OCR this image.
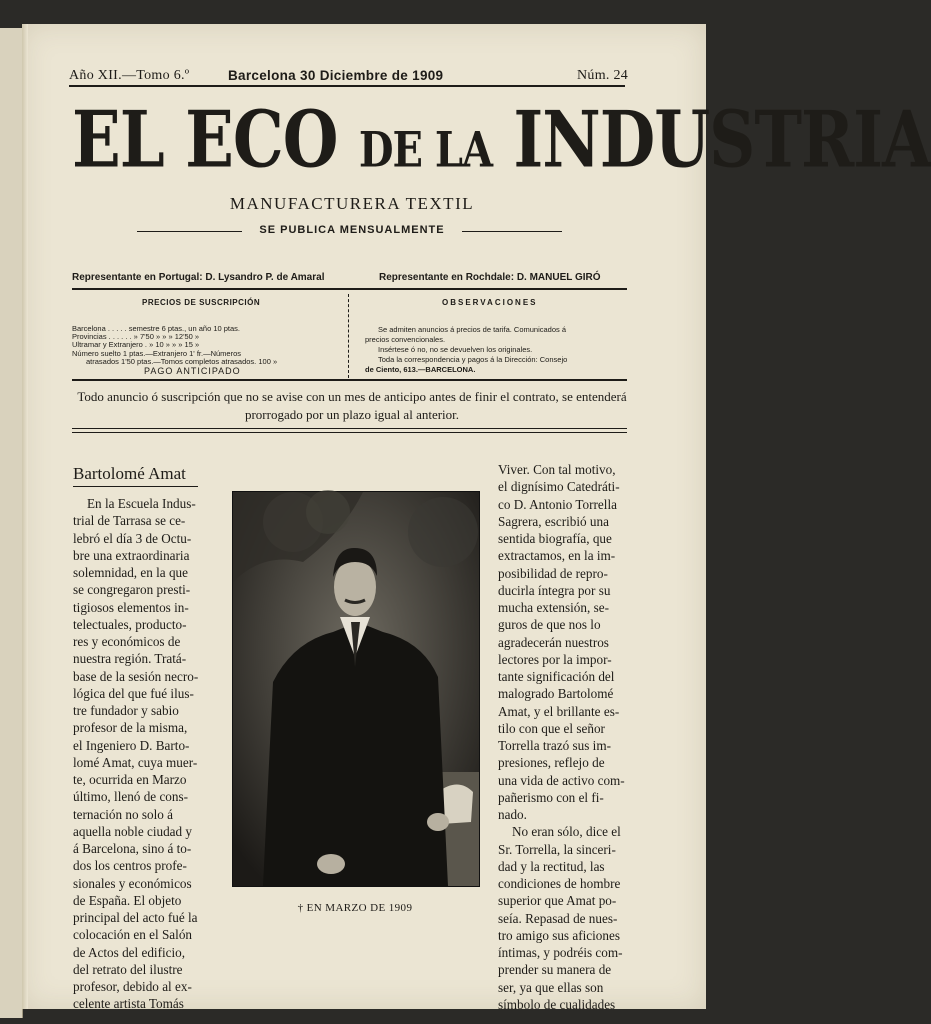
Año XII.—Tomo 6.º	Barcelona 30 Diciembre de 1909	Núm. 24
EL ECO DE LA INDUSTRIA
MANUFACTURERA TEXTIL
SE PUBLICA MENSUALMENTE
Representante en Portugal: D. Lysandro P. de Amaral	Representante en Rochdale: D. MANUEL GIRÓ
PRECIOS DE SUSCRIPCIÓN
Barcelona . . . . . semestre 6 ptas., un año 10 ptas.
Provincias . . . . . . » 7'50 » » » 12'50 »
Ultramar y Extranjero . » 10 » » » 15 »
Número suelto 1 ptas.—Extranjero 1' fr.—Números
atrasados 1'50 ptas.—Tomos completos atrasados. 100 »
PAGO ANTICIPADO
OBSERVACIONES
Se admiten anuncios á precios de tarifa. Comunicados á
precios convencionales.
Insértese ó no, no se devuelven los originales.
Toda la correspondencia y pagos á la Dirección: Consejo
de Ciento, 613.—BARCELONA.
Todo anuncio ó suscripción que no se avise con un mes de anticipo antes de finir el contrato, se entenderá prorrogado por un plazo igual al anterior.
Bartolomé Amat
En la Escuela Indus-
trial de Tarrasa se ce-
lebró el día 3 de Octu-
bre una extraordinaria
solemnidad, en la que
se congregaron presti-
tigiosos elementos in-
telectuales, producto-
res y económicos de
nuestra región. Tratá-
base de la sesión necro-
lógica del que fué ilus-
tre fundador y sabio
profesor de la misma,
el Ingeniero D. Barto-
lomé Amat, cuya muer-
te, ocurrida en Marzo
último, llenó de cons-
ternación no solo á
aquella noble ciudad y
á Barcelona, sino á to-
dos los centros profe-
sionales y económicos
de España. El objeto
principal del acto fué la
colocación en el Salón
de Actos del edificio,
del retrato del ilustre
profesor, debido al ex-
celente artista Tomás
Viver. Con tal motivo,
el dignísimo Catedráti-
co D. Antonio Torrella
Sagrera, escribió una
sentida biografía, que
extractamos, en la im-
posibilidad de repro-
ducirla íntegra por su
mucha extensión, se-
guros de que nos lo
agradecerán nuestros
lectores por la impor-
tante significación del
malogrado Bartolomé
Amat, y el brillante es-
tilo con que el señor
Torrella trazó sus im-
presiones, reflejo de
una vida de activo com-
pañerismo con el fi-
nado.
No eran sólo, dice el
Sr. Torrella, la sinceri-
dad y la rectitud, las
condiciones de hombre
superior que Amat po-
seía. Repasad de nues-
tro amigo sus aficiones
íntimas, y podréis com-
prender su manera de
ser, ya que ellas son
símbolo de cualidades
† EN MARZO DE 1909
